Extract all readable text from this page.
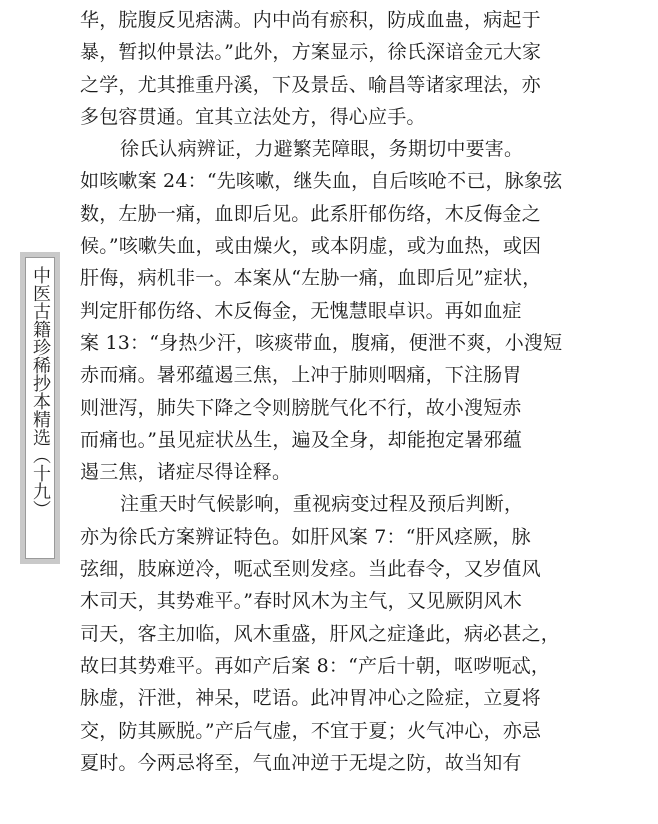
中医古籍珍稀抄本精选（十九）
华，脘腹反见痞满。内中尚有瘀积，防成血蛊，病起于
暴，暂拟仲景法。”此外，方案显示，徐氏深谙金元大家
之学，尤其推重丹溪，下及景岳、喻昌等诸家理法，亦
多包容贯通。宜其立法处方，得心应手。
徐氏认病辨证，力避繁芜障眼，务期切中要害。
如咳嗽案 24：“先咳嗽，继失血，自后咳呛不已，脉象弦
数，左胁一痛，血即后见。此系肝郁伤络，木反侮金之
候。”咳嗽失血，或由燥火，或本阴虚，或为血热，或因
肝侮，病机非一。本案从“左胁一痛，血即后见”症状，
判定肝郁伤络、木反侮金，无愧慧眼卓识。再如血症
案 13：“身热少汗，咳痰带血，腹痛，便泄不爽，小溲短
赤而痛。暑邪蕴遏三焦，上冲于肺则咽痛，下注肠胃
则泄泻，肺失下降之令则膀胱气化不行，故小溲短赤
而痛也。”虽见症状丛生，遍及全身，却能抱定暑邪蕴
遏三焦，诸症尽得诠释。
注重天时气候影响，重视病变过程及预后判断，
亦为徐氏方案辨证特色。如肝风案 7：“肝风痉厥，脉
弦细，肢麻逆冷，呃忒至则发痉。当此春令，又岁值风
木司天，其势难平。”春时风木为主气，又见厥阴风木
司天，客主加临，风木重盛，肝风之症逢此，病必甚之，
故曰其势难平。再如产后案 8：“产后十朝，呕哕呃忒，
脉虚，汗泄，神呆，呓语。此冲胃冲心之险症，立夏将
交，防其厥脱。”产后气虚，不宜于夏；火气冲心，亦忌
夏时。今两忌将至，气血冲逆于无堤之防，故当知有
